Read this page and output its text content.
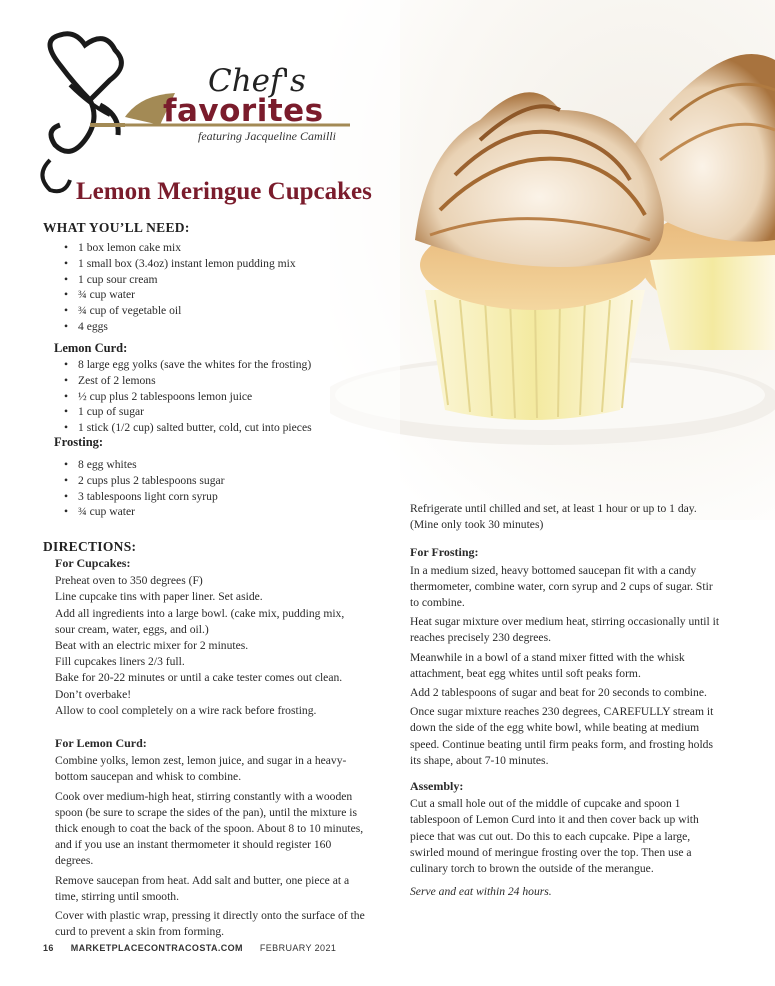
Chef's
favorites
featuring Jacqueline Camilli
Lemon Meringue Cupcakes
WHAT YOU’LL NEED:
• 1 box lemon cake mix
• 1 small box (3.4oz) instant lemon pudding mix
• 1 cup sour cream
• ¾ cup water
• ¾ cup of vegetable oil
• 4 eggs
Lemon Curd:
• 8 large egg yolks (save the whites for the frosting)
• Zest of 2 lemons
• ½ cup plus 2 tablespoons lemon juice
• 1 cup of sugar
• 1 stick (1/2 cup) salted butter, cold, cut into pieces
Frosting:
• 8 egg whites
• 2 cups plus 2 tablespoons sugar
• 3 tablespoons light corn syrup
• ¾ cup water
DIRECTIONS:

For Cupcakes:

Preheat oven to 350 degrees (F)

Line cupcake tins with paper liner. Set aside.

Add all ingredients into a large bowl. (cake mix, pudding mix, sour cream, water, eggs, and oil.)

Beat with an electric mixer for 2 minutes.

Fill cupcakes liners 2/3 full.

Bake for 20-22 minutes or until a cake tester comes out clean. Don’t overbake!

Allow to cool completely on a wire rack before frosting.

For Lemon Curd:

Combine yolks, lemon zest, lemon juice, and sugar in a heavy-bottom saucepan and whisk to combine.

Cook over medium-high heat, stirring constantly with a wooden spoon (be sure to scrape the sides of the pan), until the mixture is thick enough to coat the back of the spoon. About 8 to 10 minutes, and if you use an instant thermometer it should register 160 degrees.

Remove saucepan from heat. Add salt and butter, one piece at a time, stirring until smooth.

Cover with plastic wrap, pressing it directly onto the surface of the curd to prevent a skin from forming.

Refrigerate until chilled and set, at least 1 hour or up to 1 day. (Mine only took 30 minutes)

For Frosting:

In a medium sized, heavy bottomed saucepan fit with a candy thermometer, combine water, corn syrup and 2 cups of sugar. Stir to combine.

Heat sugar mixture over medium heat, stirring occasionally until it reaches precisely 230 degrees.

Meanwhile in a bowl of a stand mixer fitted with the whisk attachment, beat egg whites until soft peaks form.

Add 2 tablespoons of sugar and beat for 20 seconds to combine.

Once sugar mixture reaches 230 degrees, CAREFULLY stream it down the side of the egg white bowl, while beating at medium speed. Continue beating until firm peaks form, and frosting holds its shape, about 7-10 minutes.

Assembly:

Cut a small hole out of the middle of cupcake and spoon 1 tablespoon of Lemon Curd into it and then cover back up with piece that was cut out. Do this to each cupcake. Pipe a large, swirled mound of meringue frosting over the top. Then use a culinary torch to brown the outside of the merangue.

Serve and eat within 24 hours.

16 MARKETPLACECONTRACOSTA.COM FEBRUARY 2021
